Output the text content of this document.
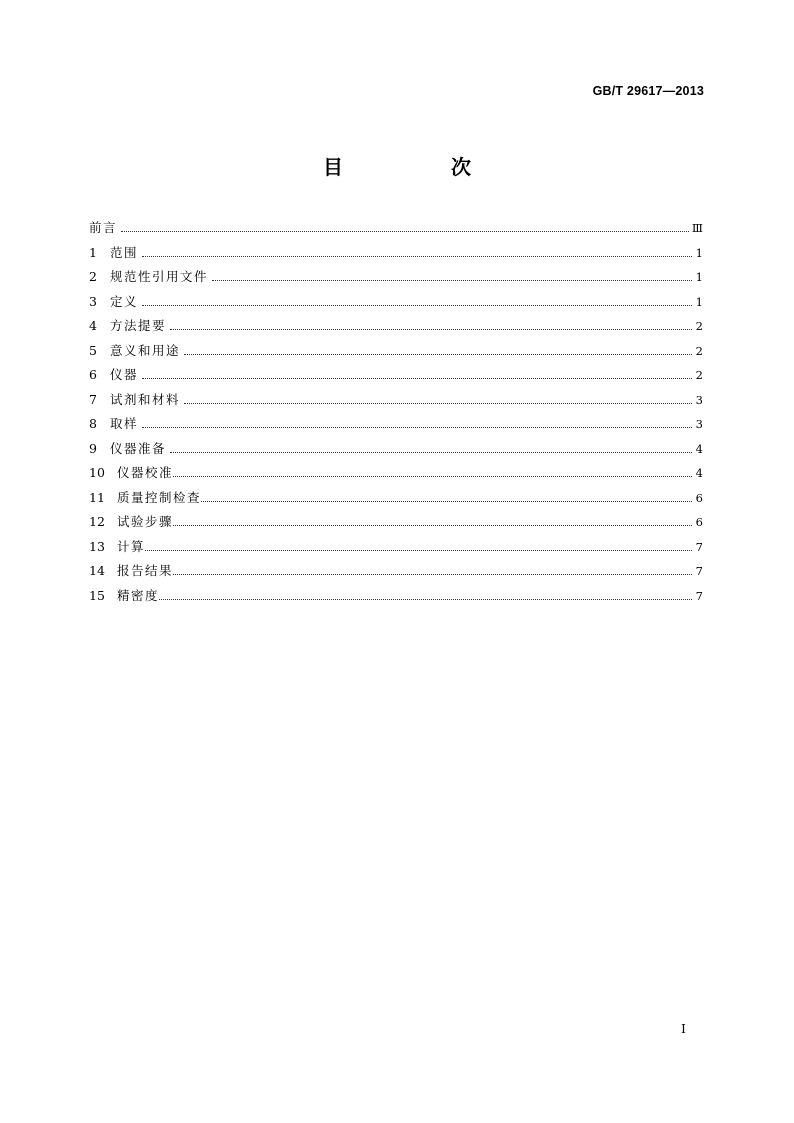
GB/T 29617—2013
目　次
前言	Ⅲ
1	范围	1
2	规范性引用文件	1
3	定义	1
4	方法提要	2
5	意义和用途	2
6	仪器	2
7	试剂和材料	3
8	取样	3
9	仪器准备	4
10 仪器校准	4
11 质量控制检查	6
12 试验步骤	6
13 计算	7
14 报告结果	7
15 精密度	7
I
